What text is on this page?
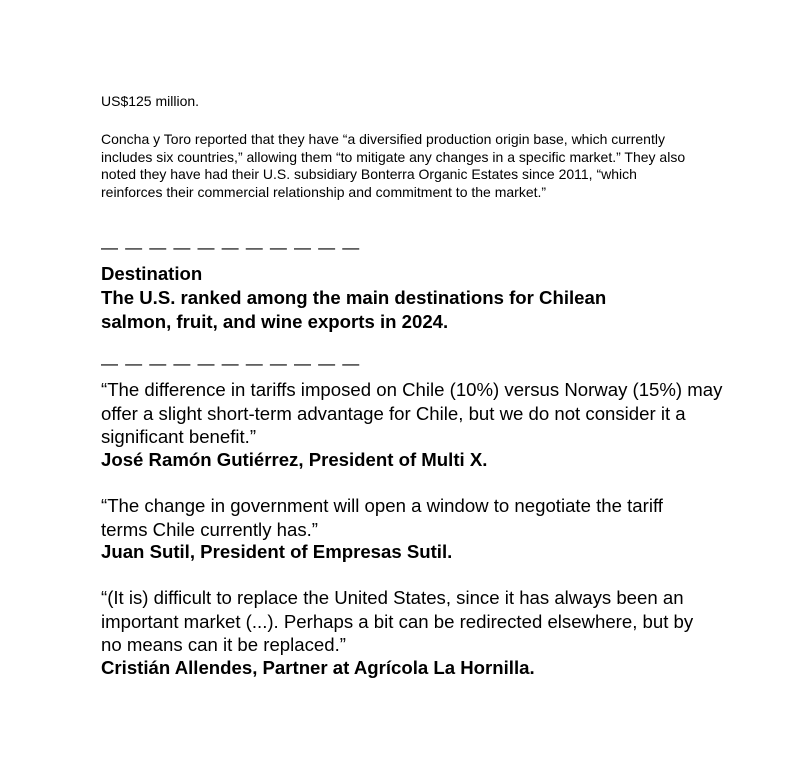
US$125 million.

Concha y Toro reported that they have “a diversified production origin base, which currently includes six countries,” allowing them “to mitigate any changes in a specific market.” They also noted they have had their U.S. subsidiary Bonterra Organic Estates since 2011, “which reinforces their commercial relationship and commitment to the market.”

— — — — — — — — — — —

Destination

The U.S. ranked among the main destinations for Chilean salmon, fruit, and wine exports in 2024.

— — — — — — — — — — —

“The difference in tariffs imposed on Chile (10%) versus Norway (15%) may offer a slight short-term advantage for Chile, but we do not consider it a significant benefit.”

José Ramón Gutiérrez, President of Multi X.

“The change in government will open a window to negotiate the tariff terms Chile currently has.”

Juan Sutil, President of Empresas Sutil.

“(It is) difficult to replace the United States, since it has always been an important market (...). Perhaps a bit can be redirected elsewhere, but by no means can it be replaced.”

Cristián Allendes, Partner at Agrícola La Hornilla.
